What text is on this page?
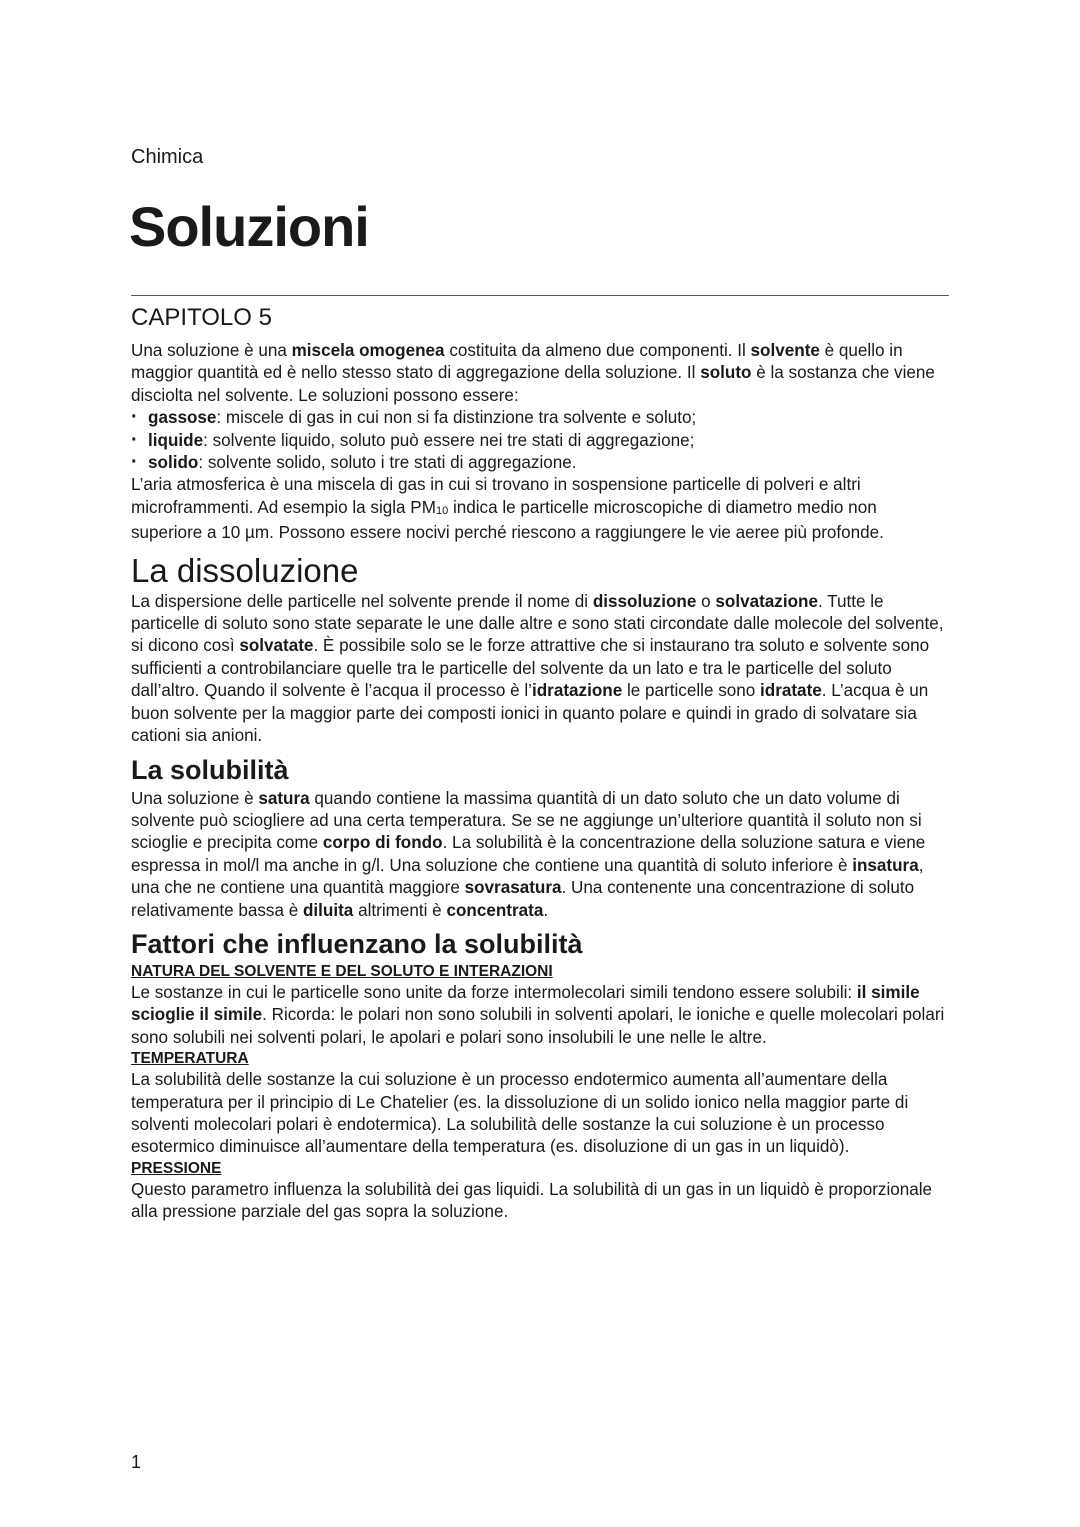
Chimica
Soluzioni
CAPITOLO 5

Una soluzione è una miscela omogenea costituita da almeno due componenti. Il solvente è quello in maggior quantità ed è nello stesso stato di aggregazione della soluzione. Il soluto è la sostanza che viene disciolta nel solvente. Le soluzioni possono essere:

· gassose: miscele di gas in cui non si fa distinzione tra solvente e soluto;
· liquide: solvente liquido, soluto può essere nei tre stati di aggregazione;
· solido: solvente solido, soluto i tre stati di aggregazione.

L’aria atmosferica è una miscela di gas in cui si trovano in sospensione particelle di polveri e altri microframmenti. Ad esempio la sigla $PM_{10}$ indica le particelle microscopiche di diametro medio non superiore a 10 µm. Possono essere nocivi perché riescono a raggiungere le vie aeree più profonde.

La dissoluzione

La dispersione delle particelle nel solvente prende il nome di dissoluzione o solvatazione. Tutte le particelle di soluto sono state separate le une dalle altre e sono stati circondate dalle molecole del solvente, si dicono così solvatate. È possibile solo se le forze attrattive che si instaurano tra soluto e solvente sono sufficienti a controbilanciare quelle tra le particelle del solvente da un lato e tra le particelle del soluto dall’altro. Quando il solvente è l’acqua il processo è l’idratazione le particelle sono idratate. L’acqua è un buon solvente per la maggior parte dei composti ionici in quanto polare e quindi in grado di solvatare sia cationi sia anioni.

La solubilità

Una soluzione è satura quando contiene la massima quantità di un dato soluto che un dato volume di solvente può sciogliere ad una certa temperatura. Se se ne aggiunge un’ulteriore quantità il soluto non si scioglie e precipita come corpo di fondo. La solubilità è la concentrazione della soluzione satura e viene espressa in mol/l ma anche in g/l. Una soluzione che contiene una quantità di soluto inferiore è insatura, una che ne contiene una quantità maggiore sovrasatura. Una contenente una concentrazione di soluto relativamente bassa è diluita altrimenti è concentrata.

Fattori che influenzano la solubilità
NATURA DEL SOLVENTE E DEL SOLUTO E INTERAZIONI

Le sostanze in cui le particelle sono unite da forze intermolecolari simili tendono essere solubili: il simile scioglie il simile. Ricorda: le polari non sono solubili in solventi apolari, le ioniche e quelle molecolari polari sono solubili nei solventi polari, le apolari e polari sono insolubili le une nelle le altre.

TEMPERATURA

La solubilità delle sostanze la cui soluzione è un processo endotermico aumenta all’aumentare della temperatura per il principio di Le Chatelier (es. la dissoluzione di un solido ionico nella maggior parte di solventi molecolari polari è endotermica). La solubilità delle sostanze la cui soluzione è un processo esotermico diminuisce all’aumentare della temperatura (es. disoluzione di un gas in un liquidò).

PRESSIONE

Questo parametro influenza la solubilità dei gas liquidi. La solubilità di un gas in un liquidò è proporzionale alla pressione parziale del gas sopra la soluzione.

1
